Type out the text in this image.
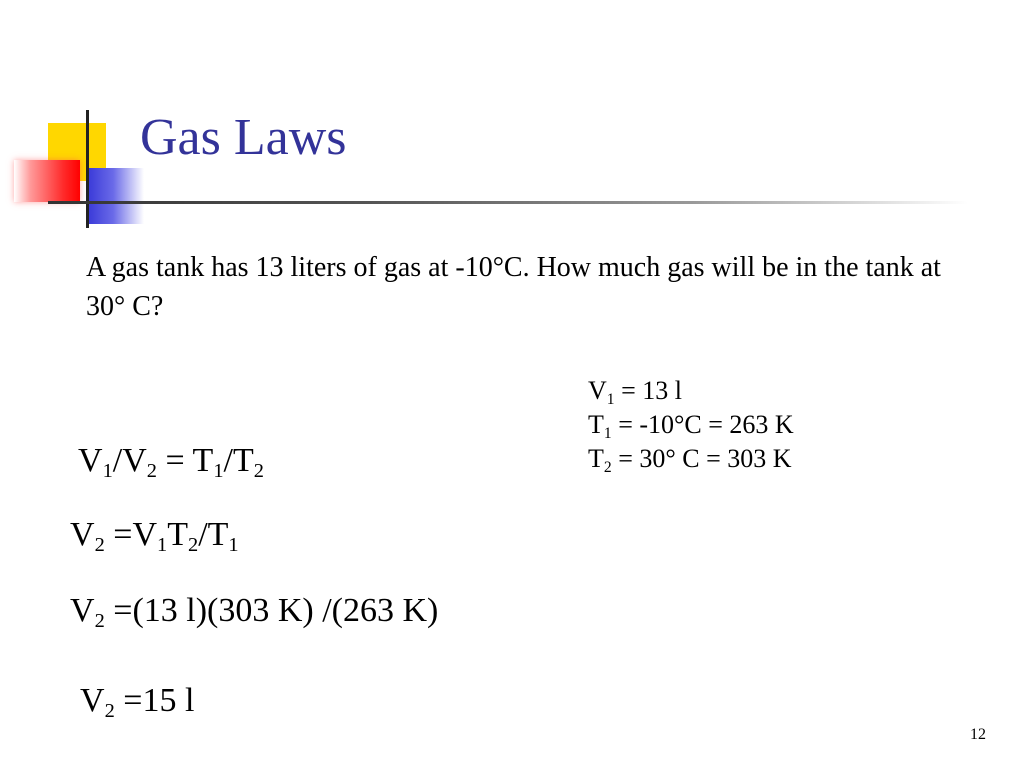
Gas Laws
A gas tank has 13 liters of gas at -10°C. How much gas will be in the tank at 30° C?
$V_1 = 13$ l
$T_1 = -10^\circ C = 263$ K
$T_2 = 30^\circ$ C = 303 K
$V_1/V_2 = T_1/T_2$
$V_2 =V_1T_2/T_1$
$V_2 =(13$ l)(303 K) /(263 K)
$V_2 =15$ l
12
